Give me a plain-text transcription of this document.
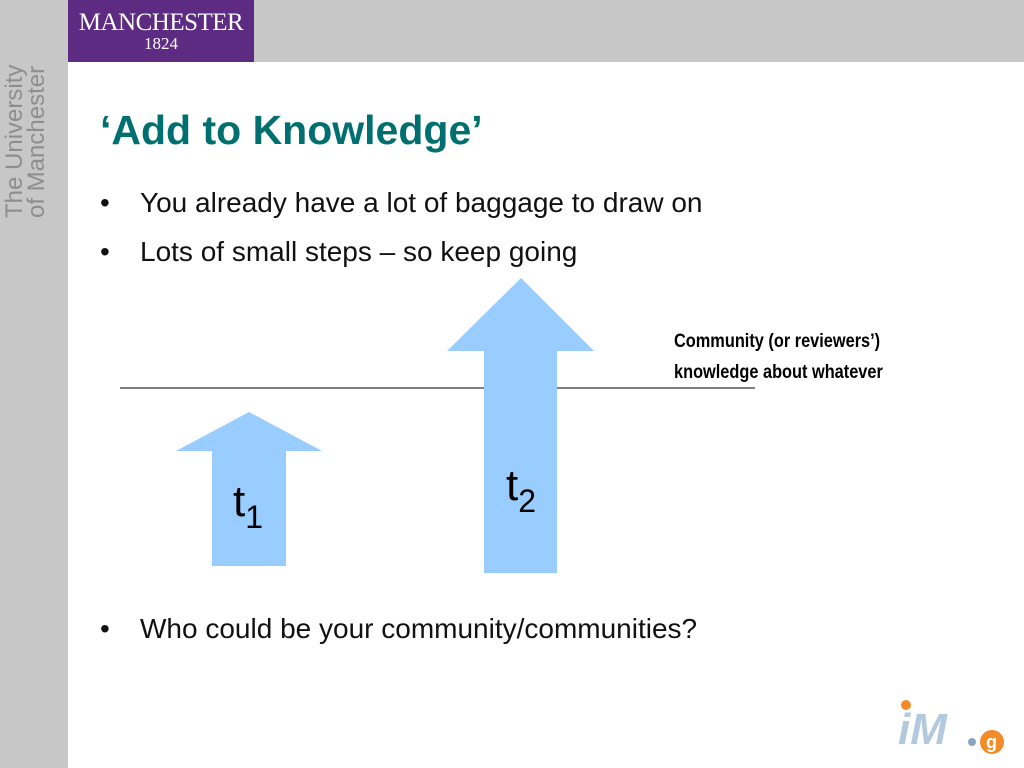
MANCHESTER
1824
The University
of Manchester ‘Add to Knowledge’
• You already have a lot of baggage to draw on
• Lots of small steps – so keep going
Community (or reviewers’)
knowledge about whatever
$t_1$
$t_2$
• Who could be your community/communities?
iM g
